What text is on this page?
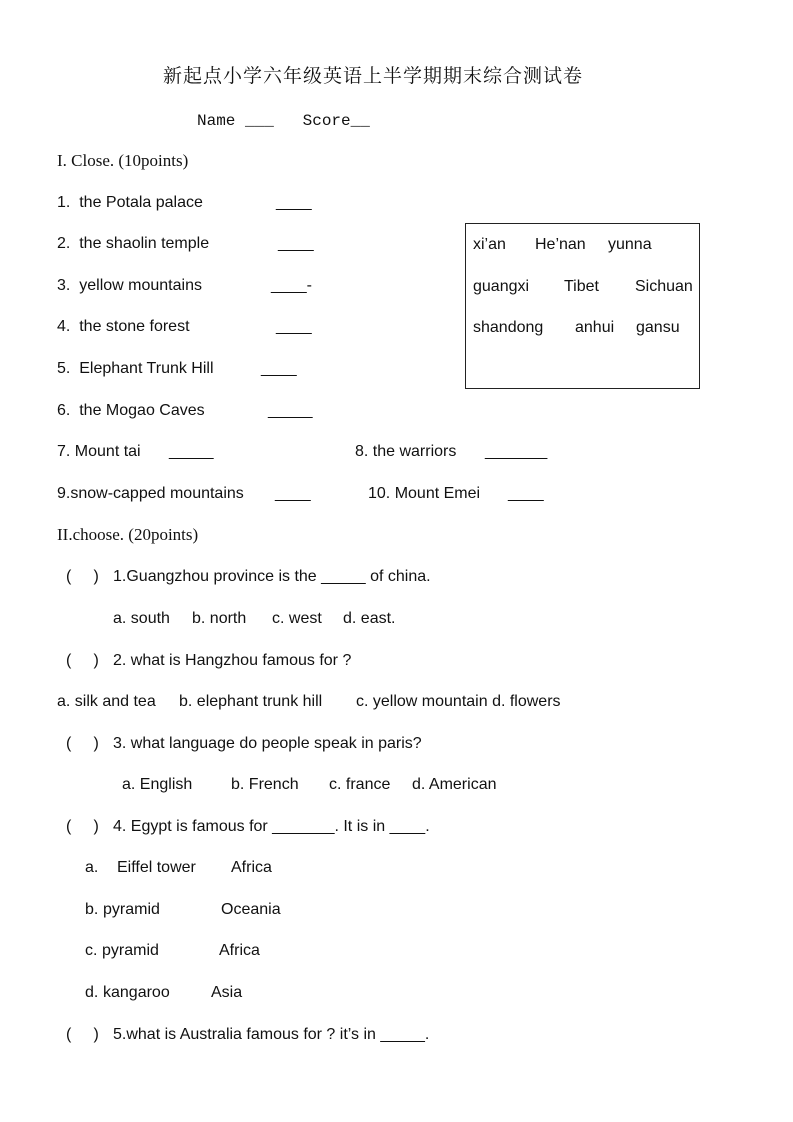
新起点小学六年级英语上半学期期末综合测试卷
Name ___   Score__
I. Close. (10points)
1.  the Potala palace	____
2.  the shaolin temple	____
3.  yellow mountains	____-
4.  the stone forest	____
5.  Elephant Trunk Hill	____
6.  the Mogao Caves	_____
7. Mount tai _____	8. the warriors _______
9.snow-capped mountains ____	10. Mount Emei ____
xi’an He’nan yunna
guangxi Tibet Sichuan
shandong anhui gansu
II.choose. (20points)
(     ) 1.Guangzhou province is the _____ of china.
a. south b. north c. west d. east.
(     ) 2. what is Hangzhou famous for ?
a. silk and tea b. elephant trunk hill c. yellow mountain d. flowers
(     ) 3. what language do people speak in paris?
a. English b. French c. france d. American
(     ) 4. Egypt is famous for _______. It is in ____.
a. Eiffel tower Africa
b. pyramid	Oceania
c. pyramid	Africa
d. kangaroo	Asia
(     ) 5.what is Australia famous for ? it’s in _____.
